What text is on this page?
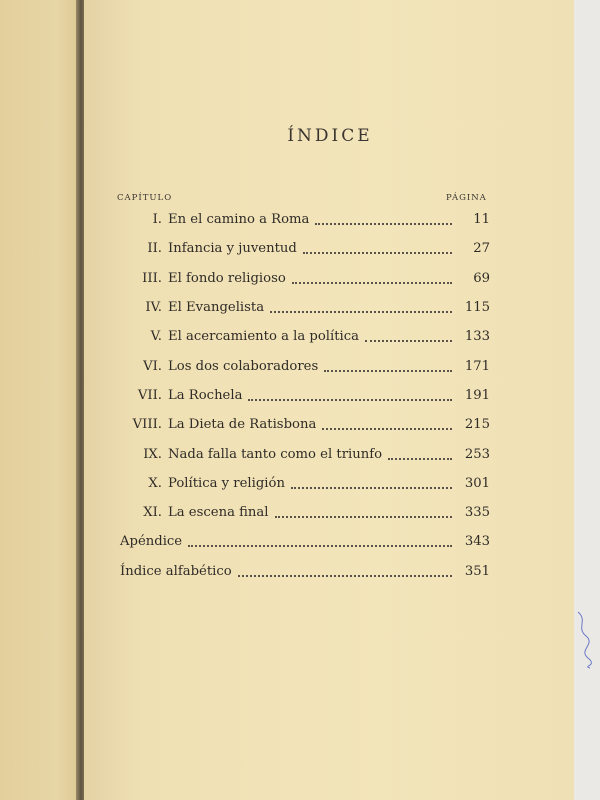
ÍNDICE
CAPÍTULO	PÁGINA
I. En el camino a Roma	11
II. Infancia y juventud	27
III. El fondo religioso	69
IV. El Evangelista	115
V. El acercamiento a la política	133
VI. Los dos colaboradores	171
VII. La Rochela	191
VIII. La Dieta de Ratisbona	215
IX. Nada falla tanto como el triunfo	253
X. Política y religión	301
XI. La escena final	335
Apéndice	343
Índice alfabético	351
